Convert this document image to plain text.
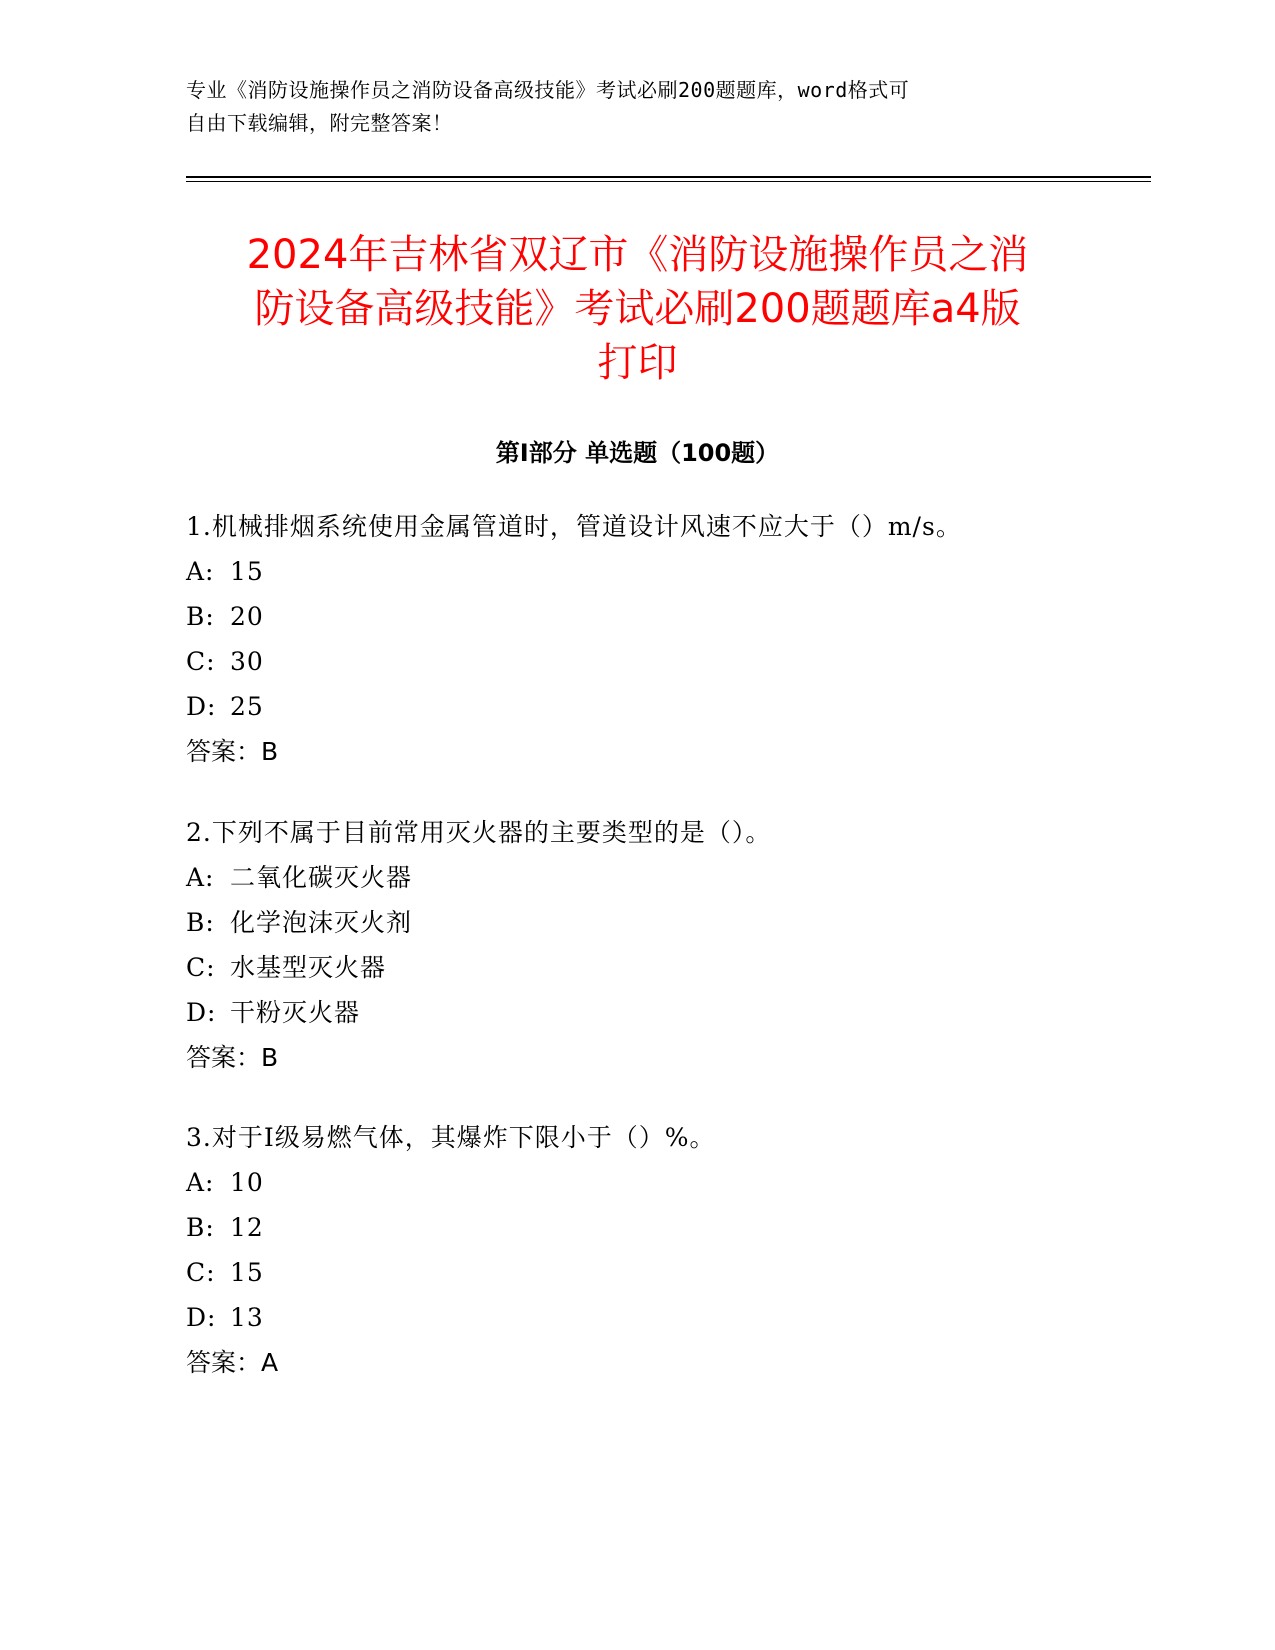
专业《消防设施操作员之消防设备高级技能》考试必刷200题题库，word格式可
自由下载编辑，附完整答案！
2024年吉林省双辽市《消防设施操作员之消
防设备高级技能》考试必刷200题题库a4版
打印
第I部分 单选题（100题）
1.机械排烟系统使用金属管道时，管道设计风速不应大于（）m/s。
A: 15
B: 20
C: 30
D: 25
答案：B
2.下列不属于目前常用灭火器的主要类型的是（）。
A: 二氧化碳灭火器
B: 化学泡沫灭火剂
C: 水基型灭火器
D: 干粉灭火器
答案：B
3.对于Ⅰ级易燃气体，其爆炸下限小于（）%。
A: 10
B: 12
C: 15
D: 13
答案：A
